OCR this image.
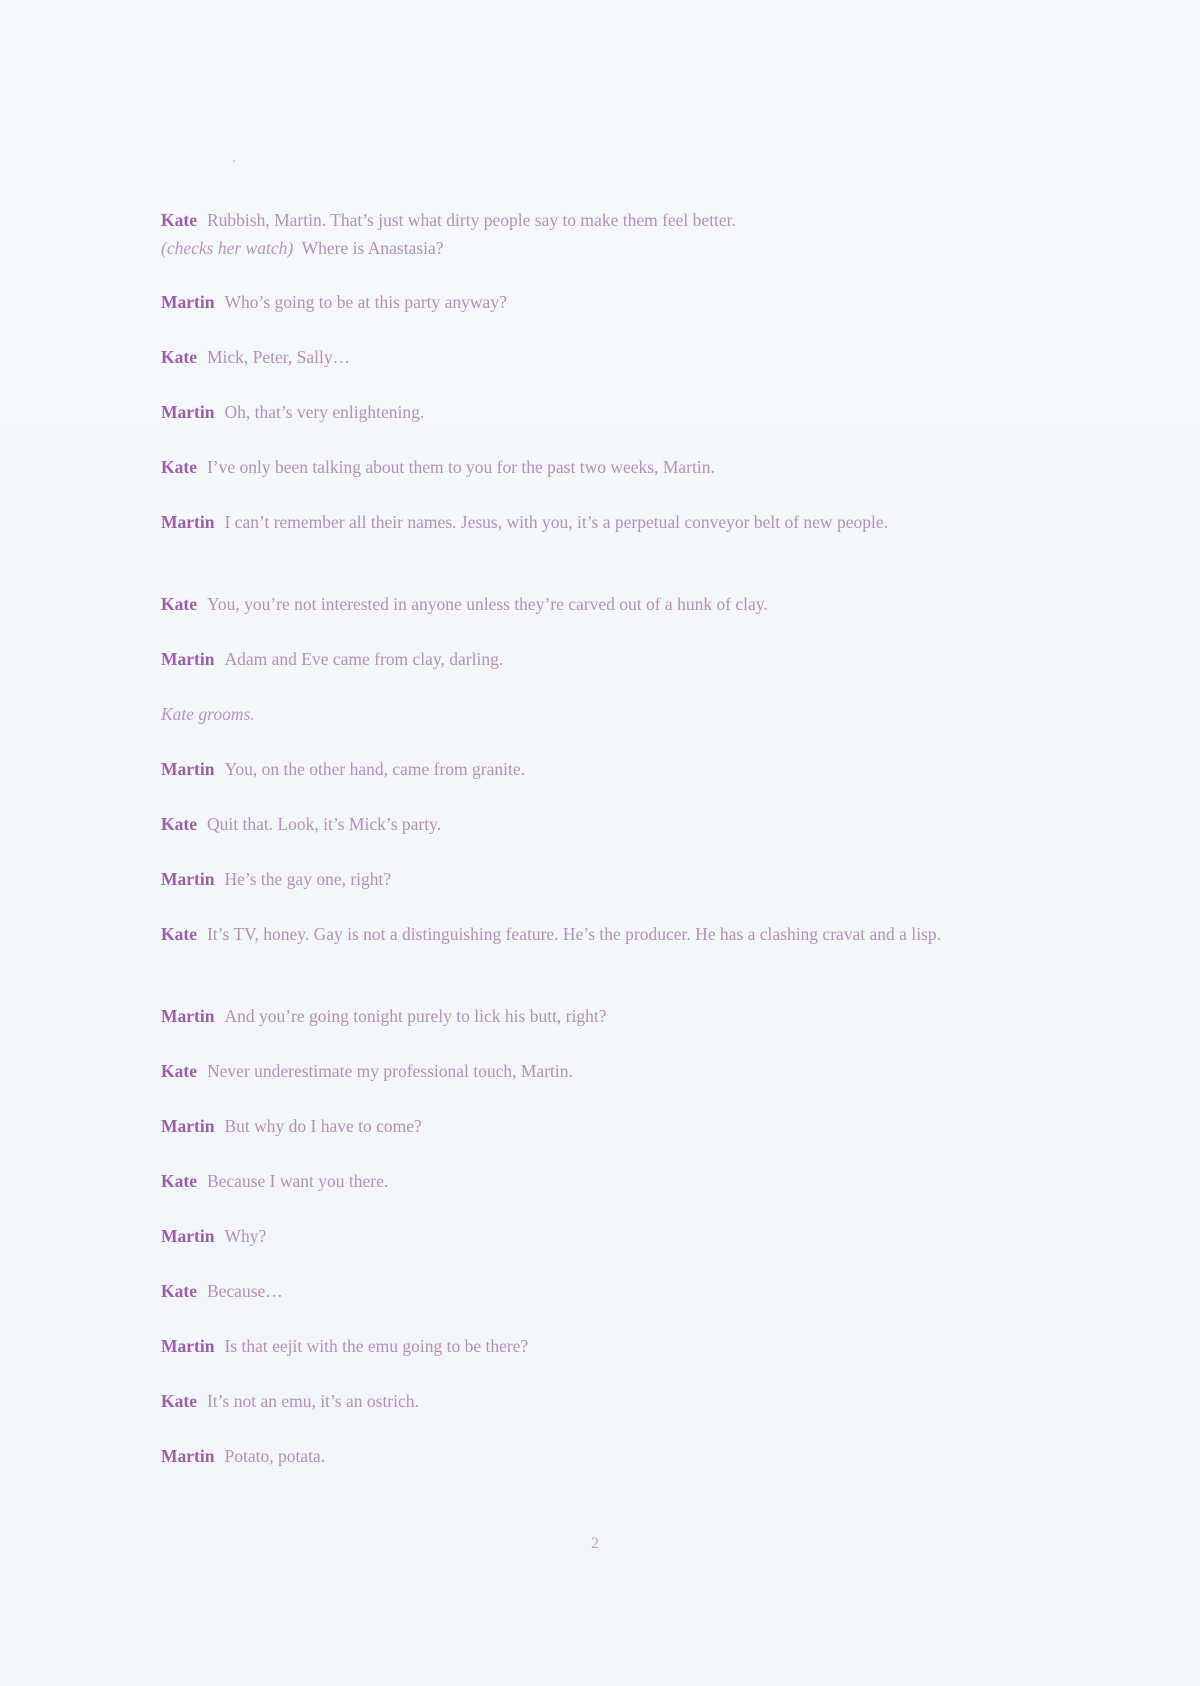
Kate Rubbish, Martin. That’s just what dirty people say to make them feel better.
(checks her watch) Where is Anastasia?
Martin Who’s going to be at this party anyway?
Kate Mick, Peter, Sally…
Martin Oh, that’s very enlightening.
Kate I’ve only been talking about them to you for the past two weeks, Martin.
Martin I can’t remember all their names. Jesus, with you, it’s a perpetual conveyor belt of new people.
Kate You, you’re not interested in anyone unless they’re carved out of a hunk of clay.
Martin Adam and Eve came from clay, darling.
Kate grooms.
Martin You, on the other hand, came from granite.
Kate Quit that. Look, it’s Mick’s party.
Martin He’s the gay one, right?
Kate It’s TV, honey. Gay is not a distinguishing feature. He’s the producer. He has a clashing cravat and a lisp.
Martin And you’re going tonight purely to lick his butt, right?
Kate Never underestimate my professional touch, Martin.
Martin But why do I have to come?
Kate Because I want you there.
Martin Why?
Kate Because…
Martin Is that eejit with the emu going to be there?
Kate It’s not an emu, it’s an ostrich.
Martin Potato, potata.
2
